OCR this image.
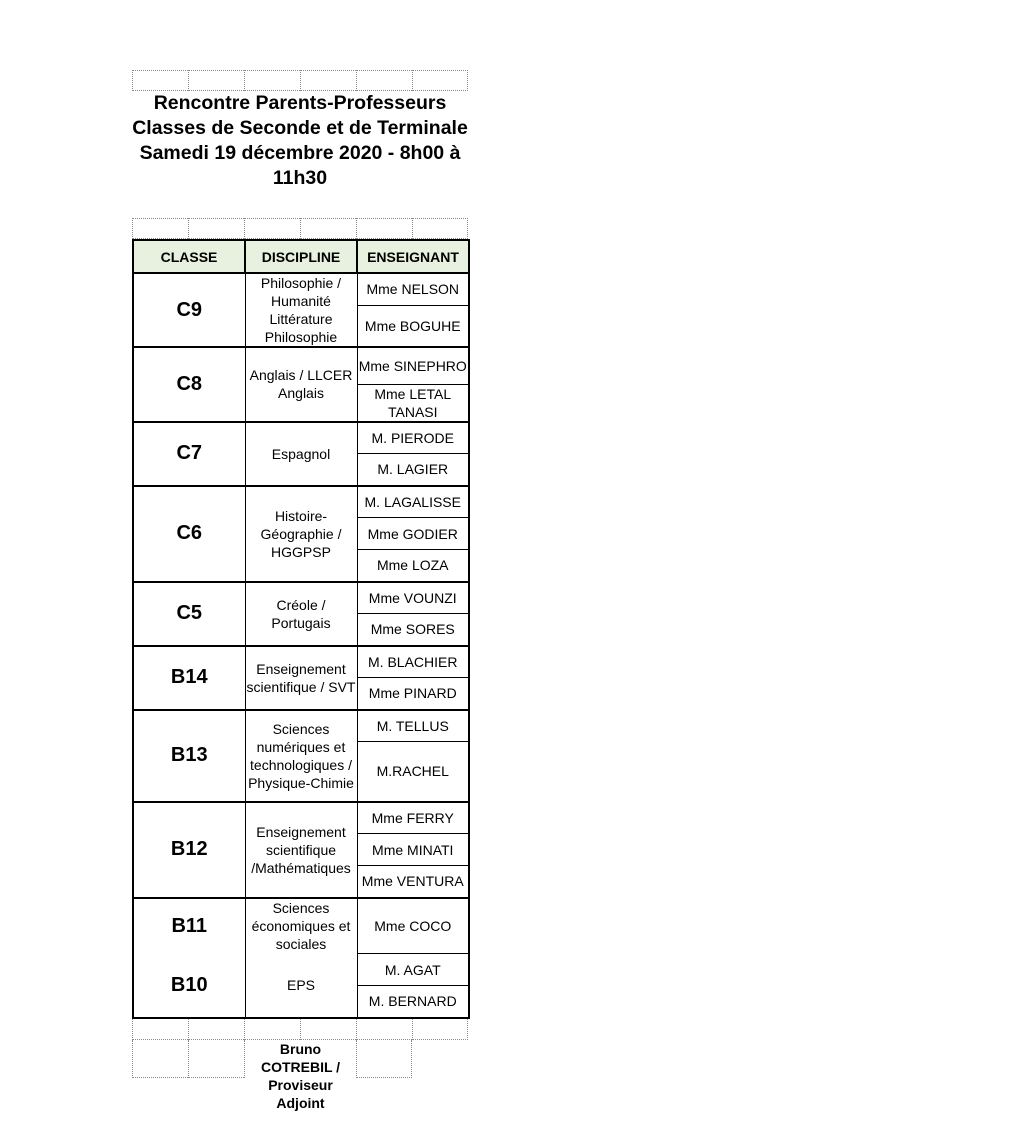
Rencontre Parents-Professeurs
Classes de Seconde et de Terminale
Samedi 19 décembre 2020 - 8h00 à 11h30
CLASSE	DISCIPLINE	ENSEIGNANT
C9	Philosophie / Humanité Littérature Philosophie	Mme NELSON
		Mme BOGUHE
C8	Anglais / LLCER Anglais	Mme SINEPHRO
		Mme LETAL TANASI
C7	Espagnol	M. PIERODE
		M. LAGIER
C6	Histoire-Géographie / HGGPSP	M. LAGALISSE
		Mme GODIER
		Mme LOZA
C5	Créole / Portugais	Mme VOUNZI
		Mme SORES
B14	Enseignement scientifique / SVT	M. BLACHIER
		Mme PINARD
B13	Sciences numériques et technologiques / Physique-Chimie	M. TELLUS
		M.RACHEL
B12	Enseignement scientifique /Mathématiques	Mme FERRY
		Mme MINATI
		Mme VENTURA
B11	Sciences économiques et sociales	Mme COCO
B10	EPS	M. AGAT
		M. BERNARD
Bruno COTREBIL / Proviseur Adjoint
